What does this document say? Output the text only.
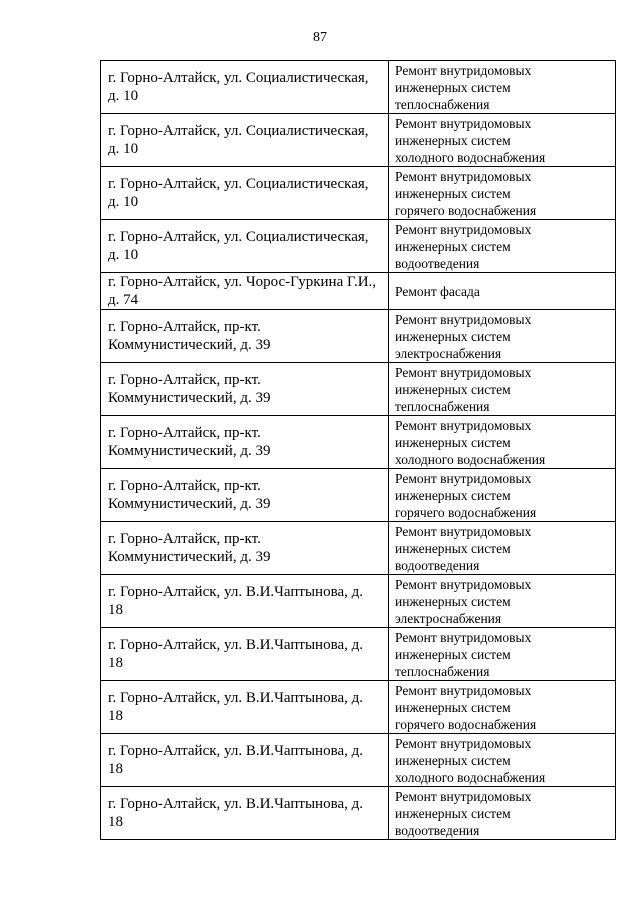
87
г. Горно-Алтайск, ул. Социалистическая,
д. 10	Ремонт внутридомовых
инженерных систем
теплоснабжения

г. Горно-Алтайск, ул. Социалистическая,
д. 10	Ремонт внутридомовых
инженерных систем
холодного водоснабжения

г. Горно-Алтайск, ул. Социалистическая,
д. 10	Ремонт внутридомовых
инженерных систем
горячего водоснабжения

г. Горно-Алтайск, ул. Социалистическая,
д. 10	Ремонт внутридомовых
инженерных систем
водоотведения

г. Горно-Алтайск, ул. Чорос-Гуркина Г.И.,
д. 74	Ремонт фасада

г. Горно-Алтайск, пр-кт.
Коммунистический, д. 39	Ремонт внутридомовых
инженерных систем
электроснабжения

г. Горно-Алтайск, пр-кт.
Коммунистический, д. 39	Ремонт внутридомовых
инженерных систем
теплоснабжения

г. Горно-Алтайск, пр-кт.
Коммунистический, д. 39	Ремонт внутридомовых
инженерных систем
холодного водоснабжения

г. Горно-Алтайск, пр-кт.
Коммунистический, д. 39	Ремонт внутридомовых
инженерных систем
горячего водоснабжения

г. Горно-Алтайск, пр-кт.
Коммунистический, д. 39	Ремонт внутридомовых
инженерных систем
водоотведения

г. Горно-Алтайск, ул. В.И.Чаптынова, д.
18	Ремонт внутридомовых
инженерных систем
электроснабжения

г. Горно-Алтайск, ул. В.И.Чаптынова, д.
18	Ремонт внутридомовых
инженерных систем
теплоснабжения

г. Горно-Алтайск, ул. В.И.Чаптынова, д.
18	Ремонт внутридомовых
инженерных систем
горячего водоснабжения

г. Горно-Алтайск, ул. В.И.Чаптынова, д.
18	Ремонт внутридомовых
инженерных систем
холодного водоснабжения

г. Горно-Алтайск, ул. В.И.Чаптынова, д.
18	Ремонт внутридомовых
инженерных систем
водоотведения
